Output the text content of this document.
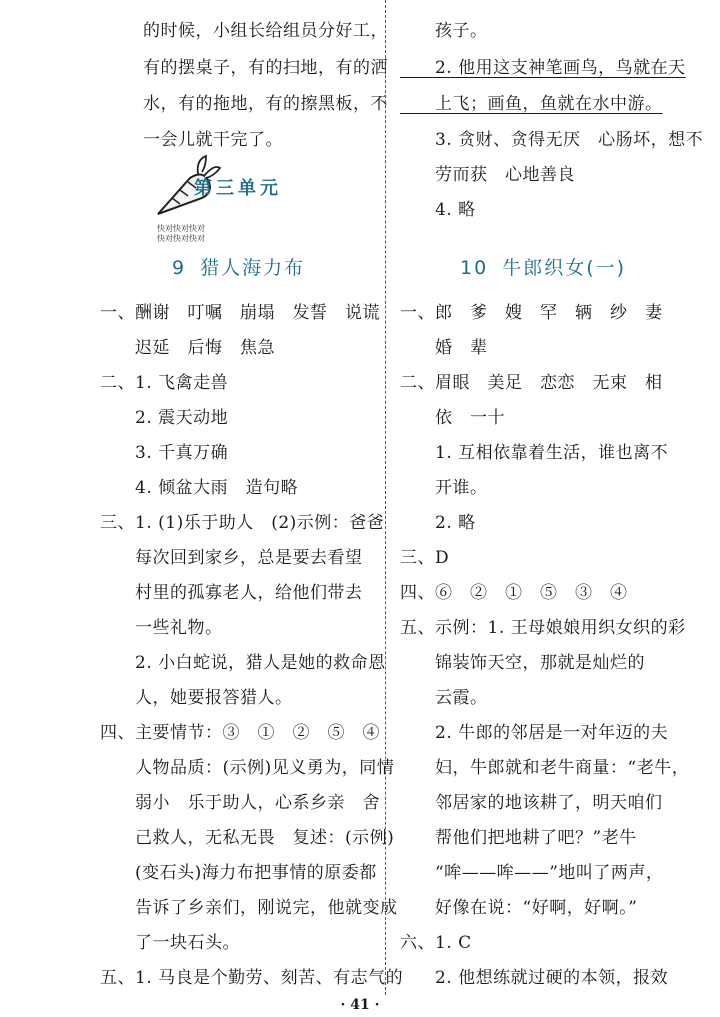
的时候，小组长给组员分好工，
有的摆桌子，有的扫地，有的洒
水，有的拖地，有的擦黑板，不
一会儿就干完了。
第三单元
快对快对快对
快对快对快对
9 猎人海力布
一、酬谢　叮嘱　崩塌　发誓　说谎
　　迟延　后悔　焦急
二、1. 飞禽走兽
　　2. 震天动地
　　3. 千真万确
　　4. 倾盆大雨　造句略
三、1. (1)乐于助人　(2)示例：爸爸
　　每次回到家乡，总是要去看望
　　村里的孤寡老人，给他们带去
　　一些礼物。
　　2. 小白蛇说，猎人是她的救命恩
　　人，她要报答猎人。
四、主要情节：③　①　②　⑤　④
　　人物品质：(示例)见义勇为，同情
　　弱小　乐于助人，心系乡亲　舍
　　己救人，无私无畏　复述：(示例)
　　(变石头)海力布把事情的原委都
　　告诉了乡亲们，刚说完，他就变成
　　了一块石头。
五、1. 马良是个勤劳、刻苦、有志气的
　　孩子。
　　2. 他用这支神笔画鸟，鸟就在天
　　上飞；画鱼，鱼就在水中游。
　　3. 贪财、贪得无厌　心肠坏，想不
　　劳而获　心地善良
　　4. 略
10 牛郎织女(一)
一、郎　爹　嫂　罕　辆　纱　妻
　　婚　辈
二、眉眼　美足　恋恋　无束　相
　　依　一十
　　1. 互相依靠着生活，谁也离不
　　开谁。
　　2. 略
三、D
四、⑥　②　①　⑤　③　④
五、示例：1. 王母娘娘用织女织的彩
　　锦装饰天空，那就是灿烂的
　　云霞。
　　2. 牛郎的邻居是一对年迈的夫
　　妇，牛郎就和老牛商量：“老牛，
　　邻居家的地该耕了，明天咱们
　　帮他们把地耕了吧？”老牛
　　“哞——哞——”地叫了两声，
　　好像在说：“好啊，好啊。”
六、1. C
　　2. 他想练就过硬的本领，报效
· 41 ·
